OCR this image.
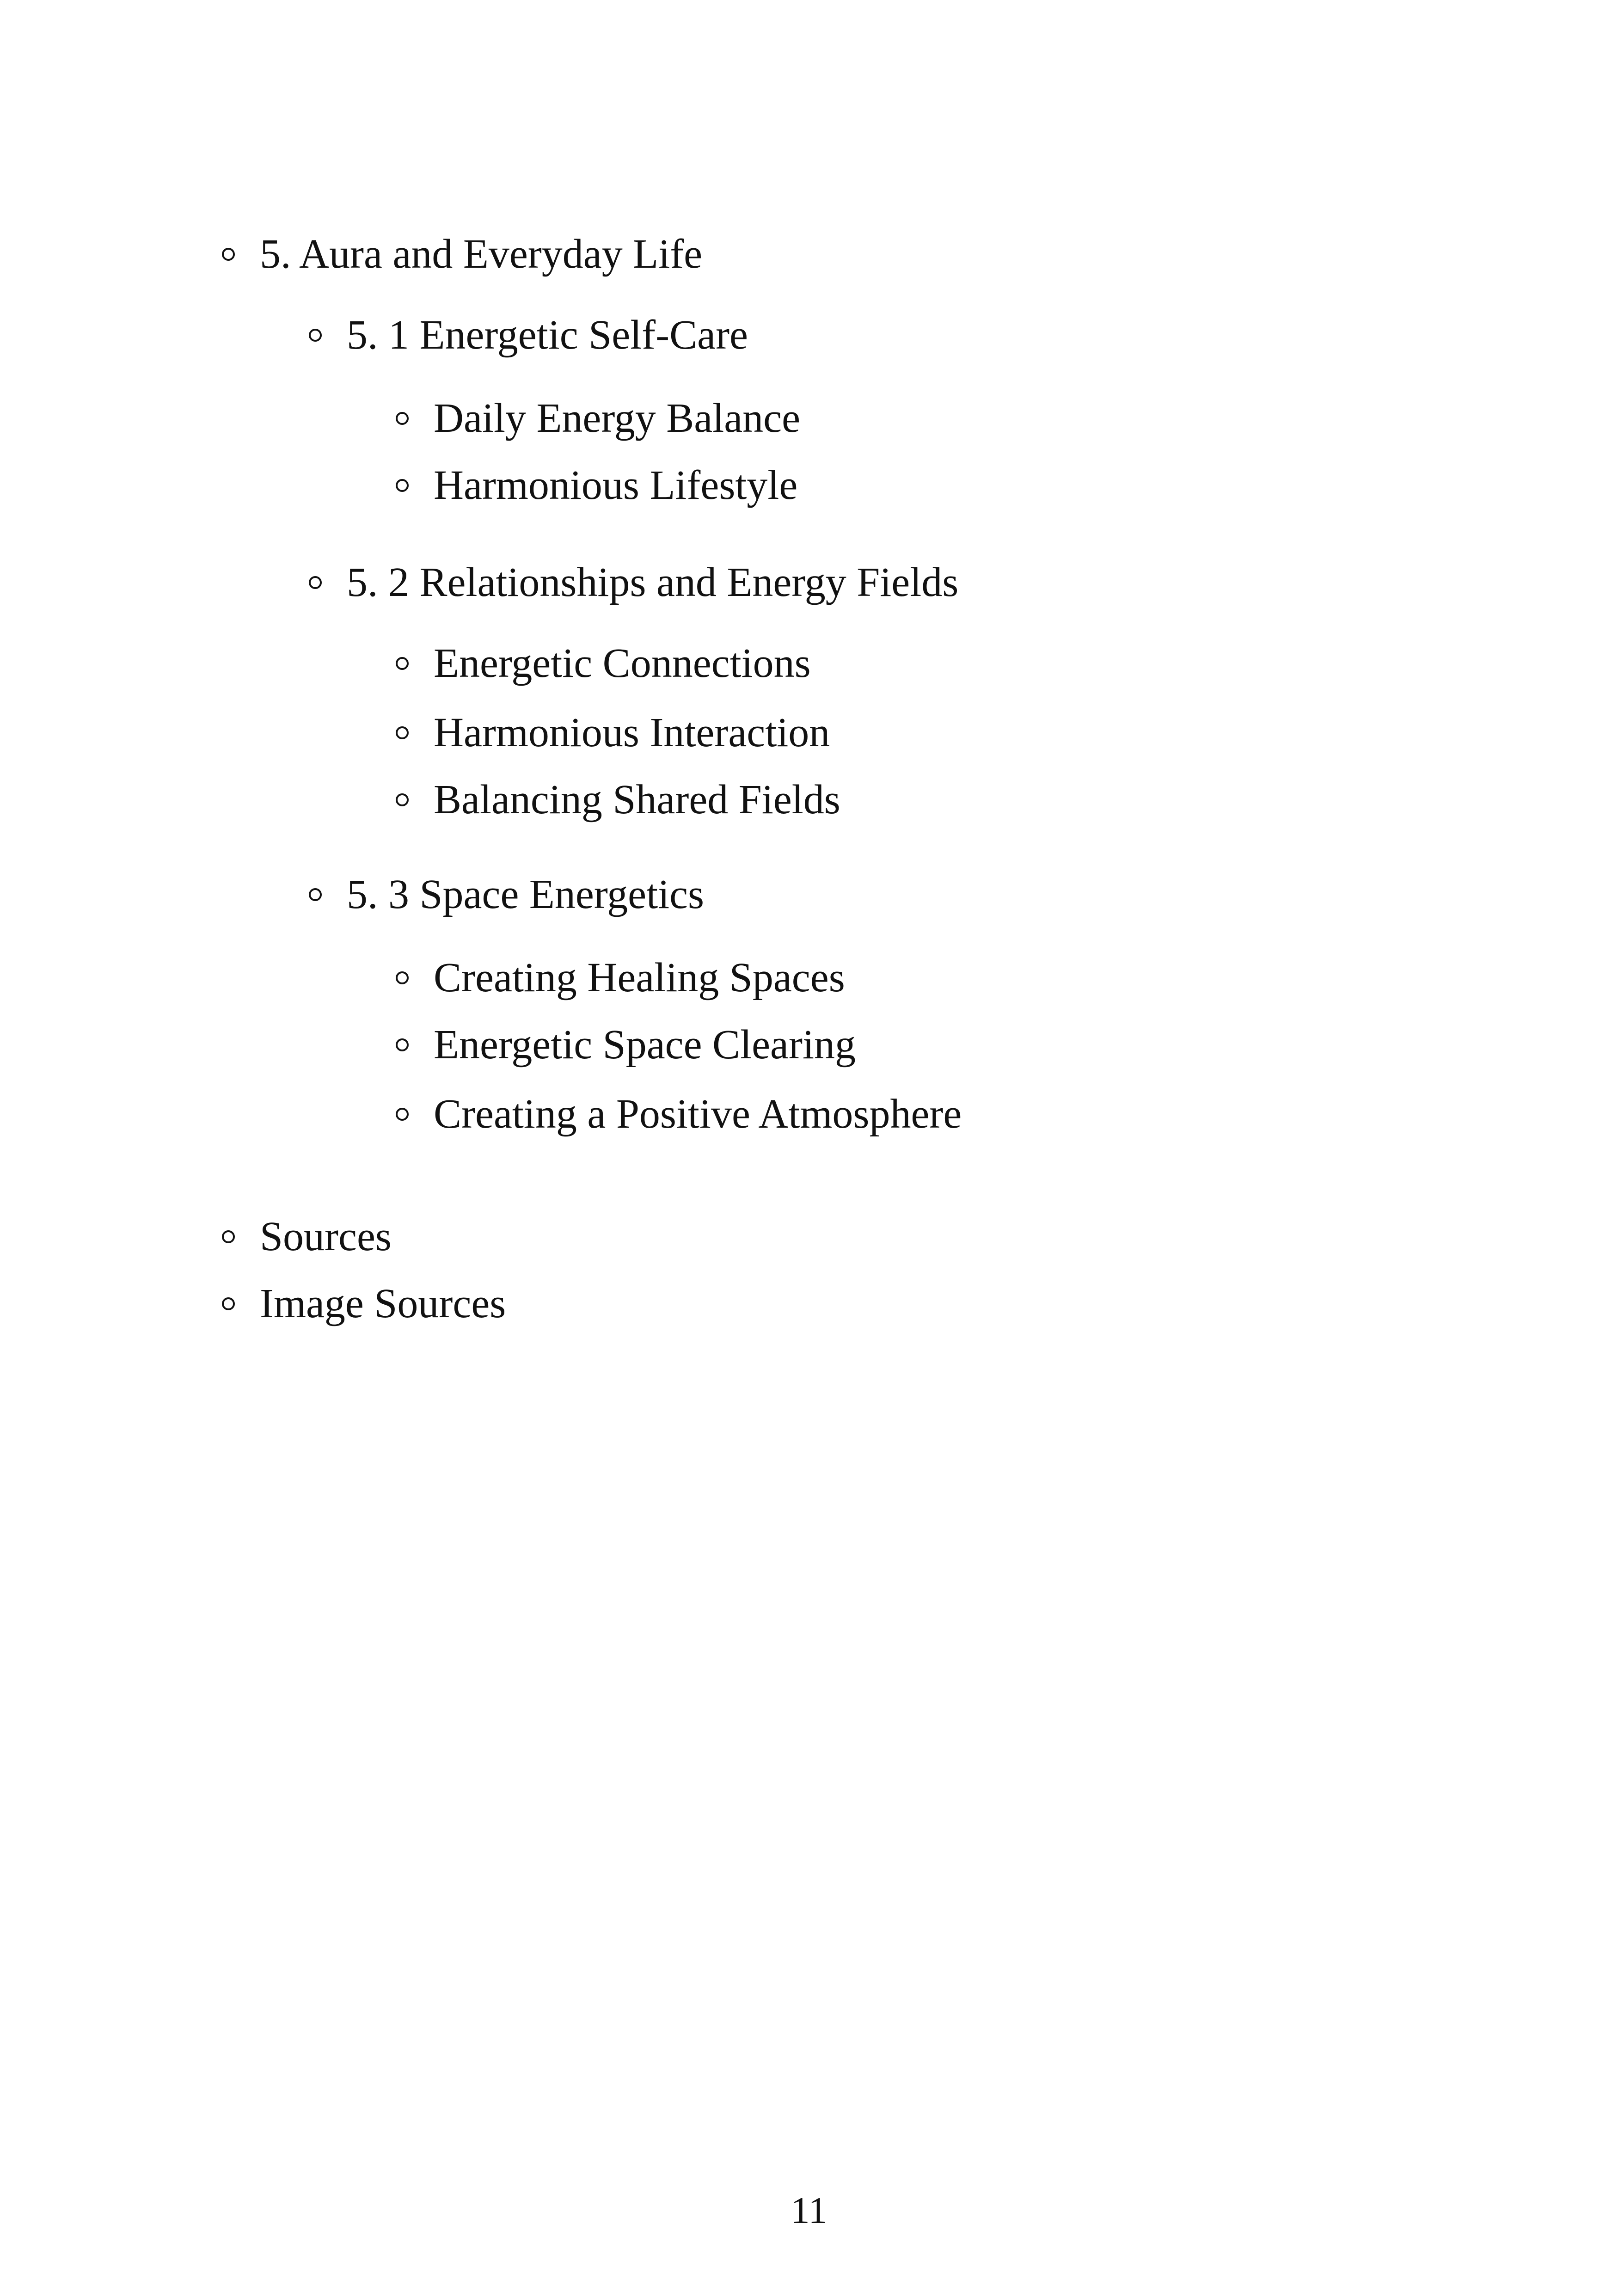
5. Aura and Everyday Life
5. 1 Energetic Self-Care
Daily Energy Balance
Harmonious Lifestyle
5. 2 Relationships and Energy Fields
Energetic Connections
Harmonious Interaction
Balancing Shared Fields
5. 3 Space Energetics
Creating Healing Spaces
Energetic Space Clearing
Creating a Positive Atmosphere
Sources
Image Sources
11
